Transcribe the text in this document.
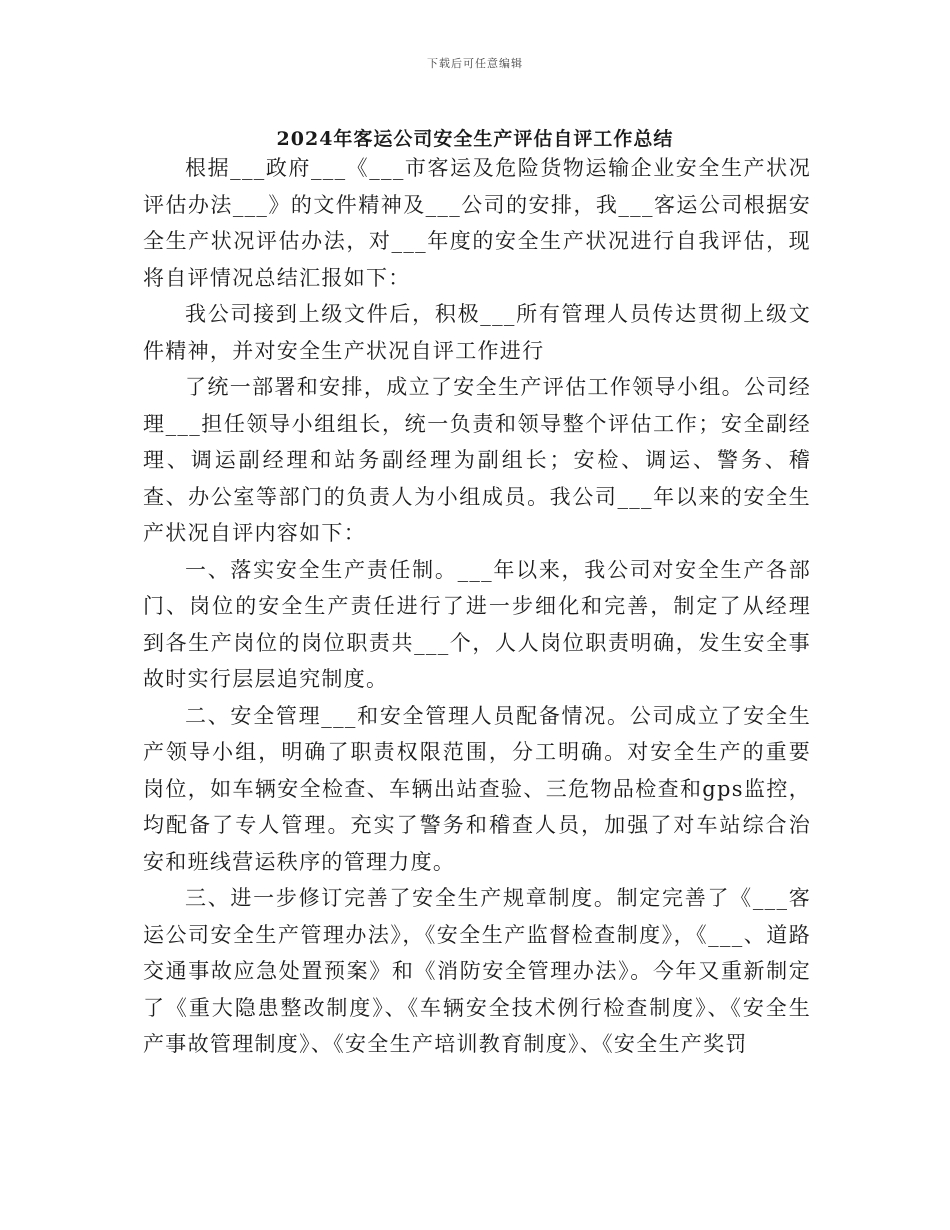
下载后可任意编辑
2024年客运公司安全生产评估自评工作总结

根据___政府___《___市客运及危险货物运输企业安全生产状况评估办法___》的文件精神及___公司的安排，我___客运公司根据安全生产状况评估办法，对___年度的安全生产状况进行自我评估，现将自评情况总结汇报如下：

我公司接到上级文件后，积极___所有管理人员传达贯彻上级文件精神，并对安全生产状况自评工作进行

了统一部署和安排，成立了安全生产评估工作领导小组。公司经理___担任领导小组组长，统一负责和领导整个评估工作；安全副经理、调运副经理和站务副经理为副组长；安检、调运、警务、稽查、办公室等部门的负责人为小组成员。我公司___年以来的安全生产状况自评内容如下：

一、落实安全生产责任制。___年以来，我公司对安全生产各部门、岗位的安全生产责任进行了进一步细化和完善，制定了从经理到各生产岗位的岗位职责共___个，人人岗位职责明确，发生安全事故时实行层层追究制度。

二、安全管理___和安全管理人员配备情况。公司成立了安全生产领导小组，明确了职责权限范围，分工明确。对安全生产的重要岗位，如车辆安全检查、车辆出站查验、三危物品检查和gps监控，均配备了专人管理。充实了警务和稽查人员，加强了对车站综合治安和班线营运秩序的管理力度。

三、进一步修订完善了安全生产规章制度。制定完善了《___客运公司安全生产管理办法》，《安全生产监督检查制度》，《___、道路交通事故应急处置预案》和《消防安全管理办法》。今年又重新制定了《重大隐患整改制度》、《车辆安全技术例行检查制度》、《安全生产事故管理制度》、《安全生产培训教育制度》、《安全生产奖罚
